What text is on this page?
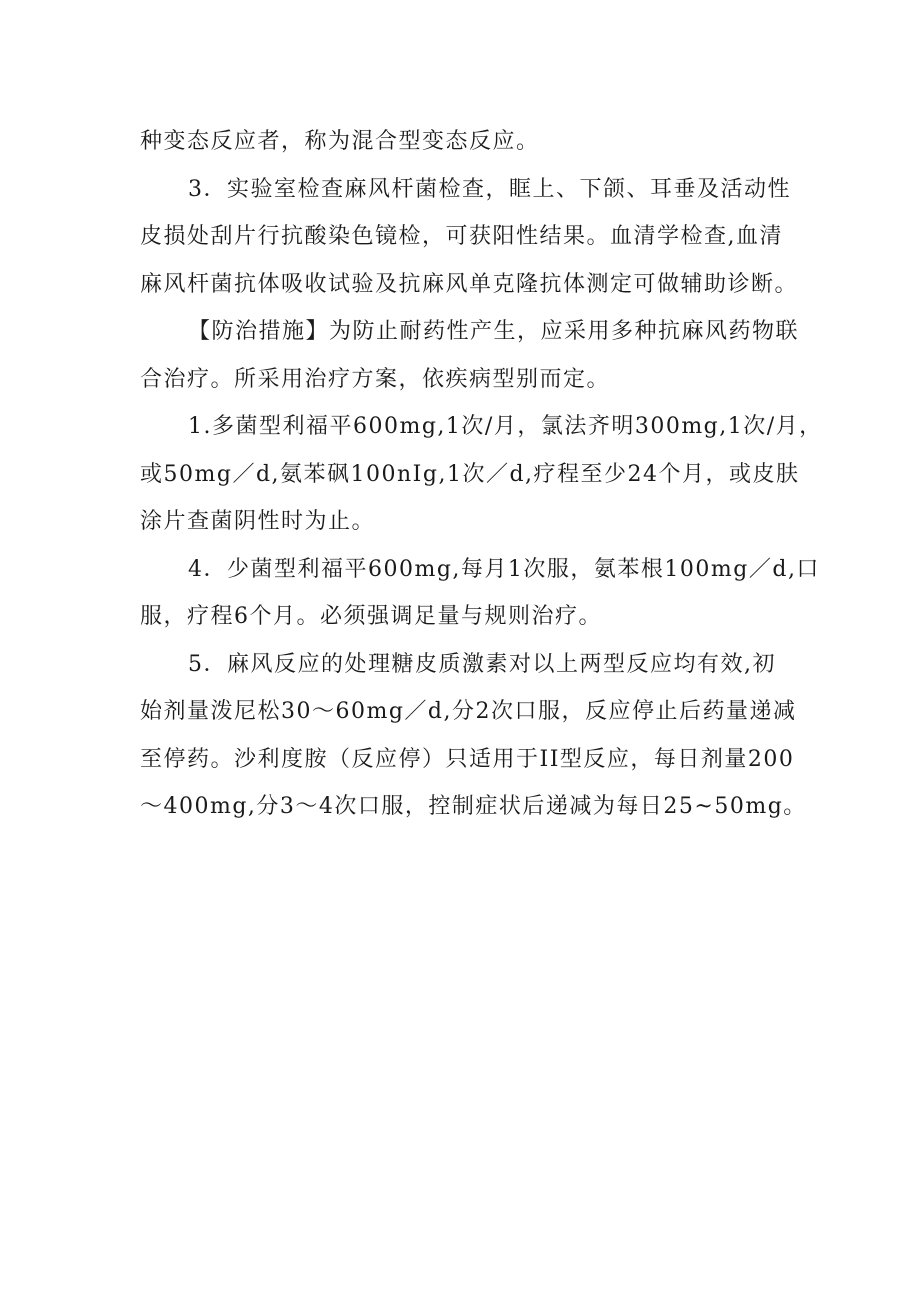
种变态反应者，称为混合型变态反应。
3．实验室检查麻风杆菌检查，眶上、下颌、耳垂及活动性
皮损处刮片行抗酸染色镜检，可获阳性结果。血清学检查,血清
麻风杆菌抗体吸收试验及抗麻风单克隆抗体测定可做辅助诊断。
【防治措施】为防止耐药性产生，应采用多种抗麻风药物联
合治疗。所采用治疗方案，依疾病型别而定。
1.多菌型利福平600mg,1次/月，氯法齐明300mg,1次/月，
或50mg／d,氨苯砜100nIg,1次／d,疗程至少24个月，或皮肤
涂片查菌阴性时为止。
4．少菌型利福平600mg,每月1次服，氨苯根100mg／d,口
服，疗程6个月。必须强调足量与规则治疗。
5．麻风反应的处理糖皮质激素对以上两型反应均有效,初
始剂量泼尼松30～60mg／d,分2次口服，反应停止后药量递减
至停药。沙利度胺（反应停）只适用于II型反应，每日剂量200
～400mg,分3～4次口服，控制症状后递减为每日25~50mg。
